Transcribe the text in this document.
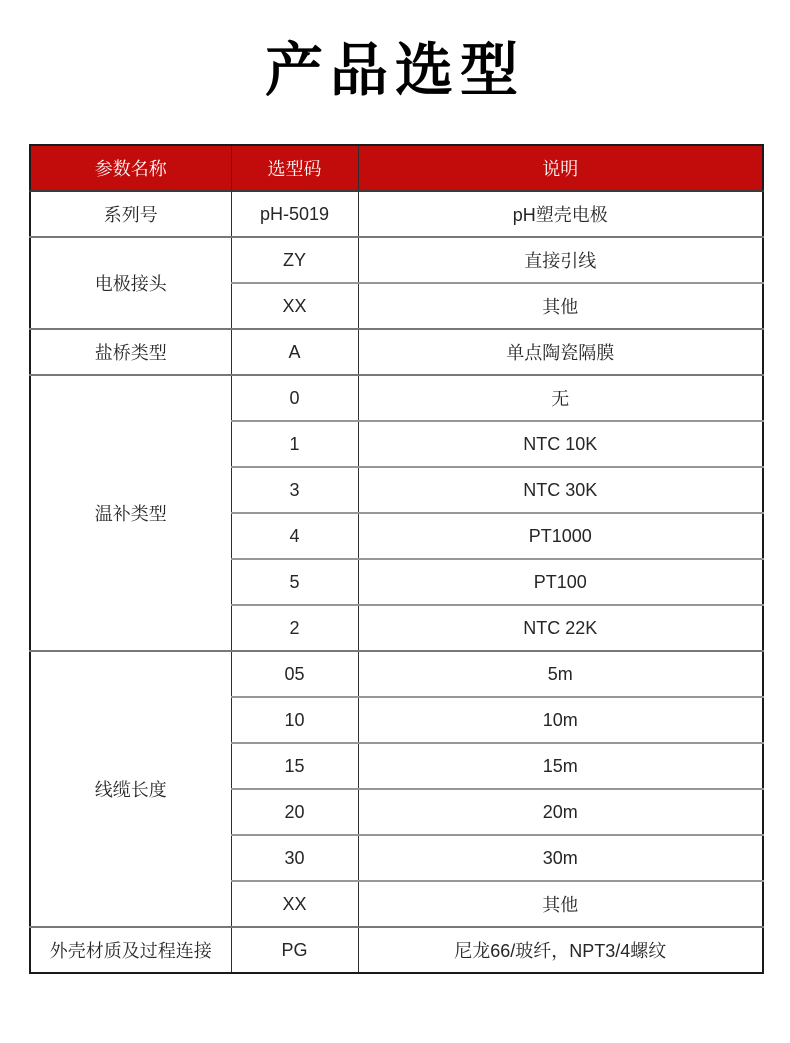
产品选型
参数名称	选型码	说明
系列号	pH-5019	pH塑壳电极
电极接头	ZY	直接引线
	XX	其他
盐桥类型	A	单点陶瓷隔膜
温补类型	0	无
	1	NTC 10K
	3	NTC 30K
	4	PT1000
	5	PT100
	2	NTC 22K
线缆长度	05	5m
	10	10m
	15	15m
	20	20m
	30	30m
	XX	其他
外壳材质及过程连接	PG	尼龙66/玻纤，NPT3/4螺纹
